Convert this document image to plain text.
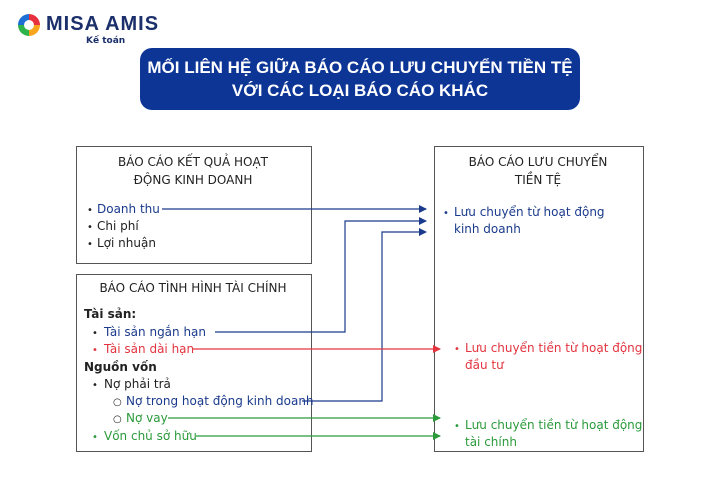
MISA AMIS
Kế toán
MỐI LIÊN HỆ GIỮA BÁO CÁO LƯU CHUYỂN TIỀN TỆ
VỚI CÁC LOẠI BÁO CÁO KHÁC
BÁO CÁO KẾT QUẢ HOẠT
ĐỘNG KINH DOANH
• Doanh thu
• Chi phí
• Lợi nhuận
BÁO CÁO TÌNH HÌNH TÀI CHÍNH
Tài sản:
• Tài sản ngắn hạn
• Tài sản dài hạn
Nguồn vốn
• Nợ phải trả
○ Nợ trong hoạt động kinh doanh
○ Nợ vay
• Vốn chủ sở hữu
BÁO CÁO LƯU CHUYỂN
TIỀN TỆ
• Lưu chuyển từ hoạt động
kinh doanh
• Lưu chuyển tiền từ hoạt động
đầu tư
• Lưu chuyển tiền từ hoạt động
tài chính
